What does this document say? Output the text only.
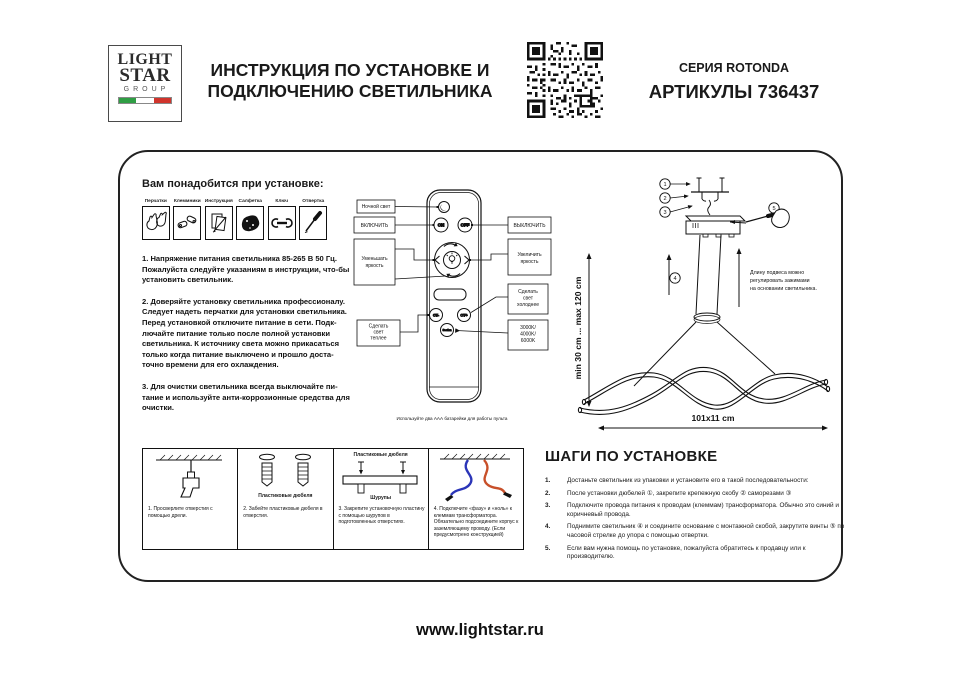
LIGHT
STAR
GROUP
ИНСТРУКЦИЯ ПО УСТАНОВКЕ И
ПОДКЛЮЧЕНИЮ СВЕТИЛЬНИКА
СЕРИЯ ROTONDA
АРТИКУЛЫ 736437
Вам понадобится при установке:
Перчатки	Клеммники Инструкция	Салфетка	Ключ	Отвертка

1. Напряжение питания светильника 85-265 В 50 Гц. Пожалуйста следуйте указаниям в инструкции, что-бы установить светильник.

2. Доверяйте установку светильника профессионалу. Следует надеть перчатки для установки светильника. Перед установкой отключите питание в сети. Подк-лючайте питание только после полной установки светильника. К источнику света можно прикасаться только когда питание выключено и прошло доста-точно времени для его охлаждения.

3. Для очистки светильника всегда выключайте пи-тание и используйте анти-коррозионные средства для очистки.

ON	OFF
CT-	CT+
Section
Ночной свет
ВКЛЮЧИТЬ
Уменьшать
яркость
Сделать
свет
теплее
ВЫКЛЮЧИТЬ
Увеличить
яркость
Сделать
свет
холоднее
3000K/
4000K/
6000K
Используйте два ААА батарейки для работы пульта
min 30 cm ... max 120 cm
101x11 cm
1
2
3
5
4
Длину подвеса можно
регулировать зажимами
на основании светильника.
1. Просверлите отверстия с помощью дрели.
Пластиковые дюбеля
2. Забейте пластиковые дюбеля в отверстия.
Пластиковые дюбеля
Шурупы
3. Закрепите установочную пластину с помощью шурупов в подготовленных отверстиях.
4. Подключите «фазу» и «ноль» к клеммам трансформатора. Обязательно подсоедините корпус к заземляющему проводу. (Если предусмотрено конструкцией)
ШАГИ ПО УСТАНОВКЕ
1.	Достаньте светильник из упаковки и установите его в такой последовательности:
2.	После установки дюбелей ①, закрепите крепежную скобу ② саморезами ③
3.	Подключите провода питания к проводам (клеммам) трансформатора. Обычно это синий и коричневый провода.
4.	Поднимите светильник ④ и соедините основание с монтажной скобой, закрутите винты ⑤ по часовой стрелке до упора с помощью отвертки.
5.	Если вам нужна помощь по установке, пожалуйста обратитесь к продавцу или к производителю.
www.lightstar.ru
